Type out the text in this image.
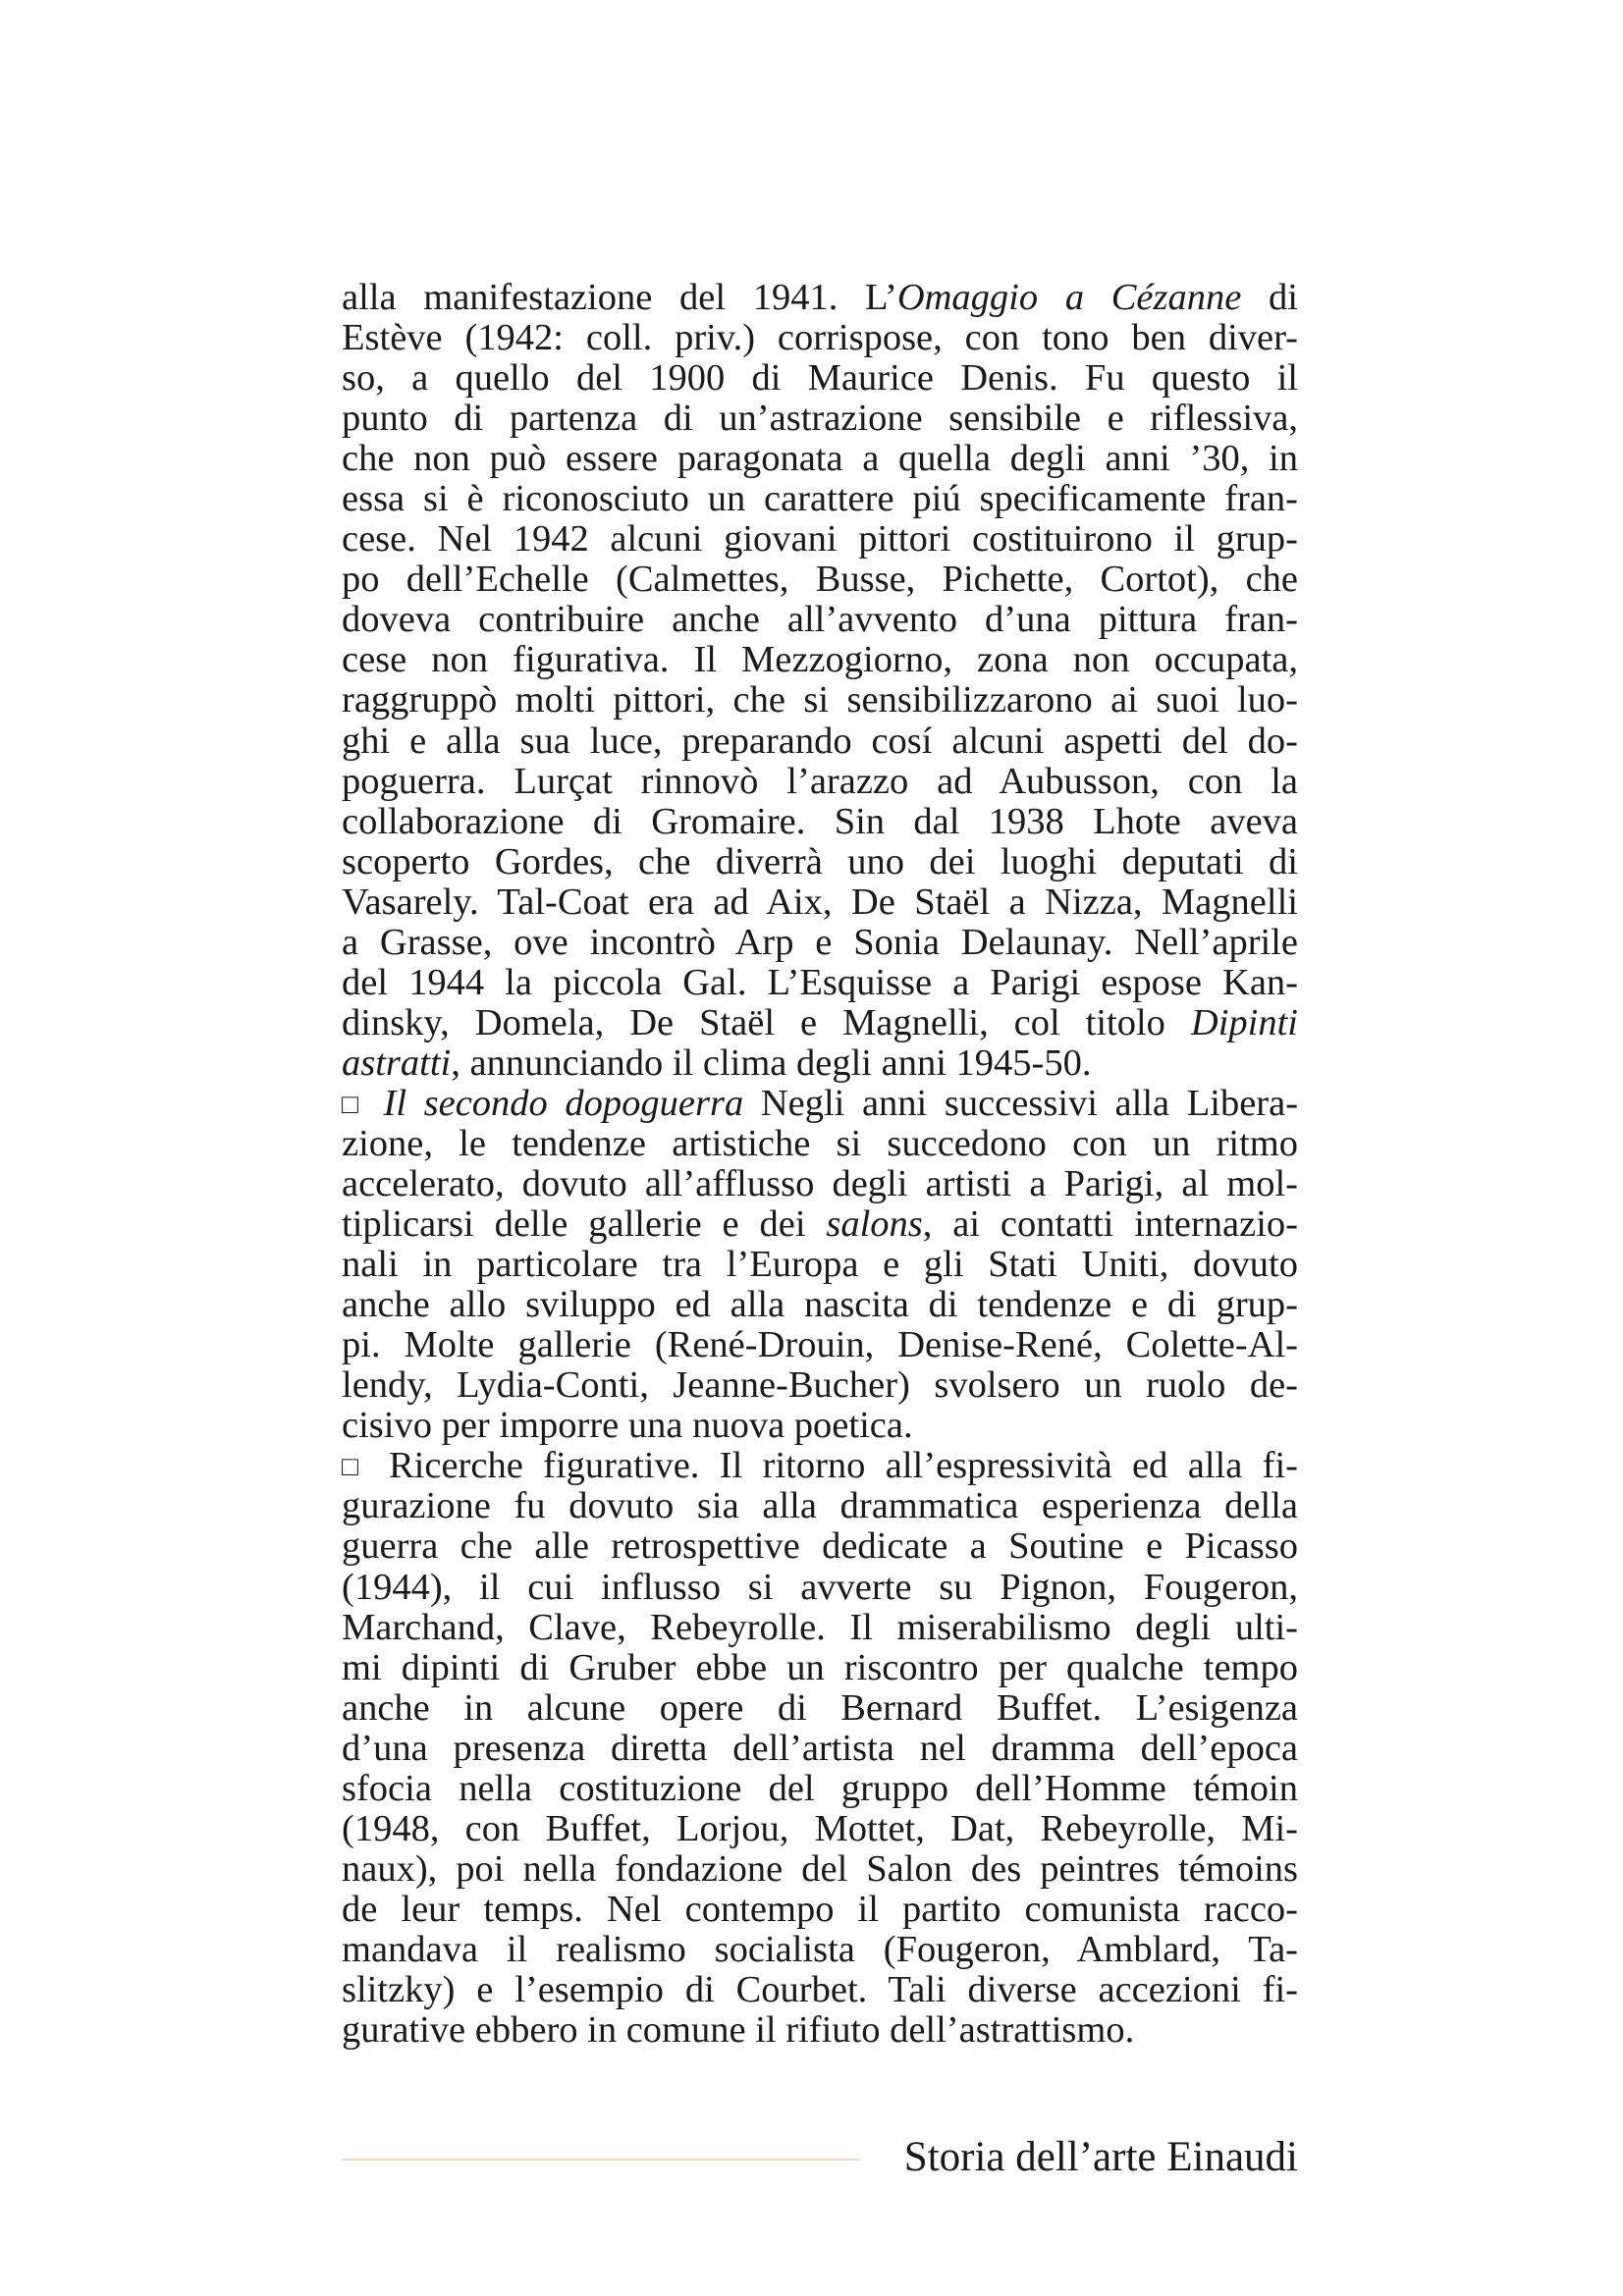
alla manifestazione del 1941. L’Omaggio a Cézanne di
Estève (1942: coll. priv.) corrispose, con tono ben diver-
so, a quello del 1900 di Maurice Denis. Fu questo il
punto di partenza di un’astrazione sensibile e riflessiva,
che non può essere paragonata a quella degli anni ’30, in
essa si è riconosciuto un carattere piú specificamente fran-
cese. Nel 1942 alcuni giovani pittori costituirono il grup-
po dell’Echelle (Calmettes, Busse, Pichette, Cortot), che
doveva contribuire anche all’avvento d’una pittura fran-
cese non figurativa. Il Mezzogiorno, zona non occupata,
raggruppò molti pittori, che si sensibilizzarono ai suoi luo-
ghi e alla sua luce, preparando cosí alcuni aspetti del do-
poguerra. Lurçat rinnovò l’arazzo ad Aubusson, con la
collaborazione di Gromaire. Sin dal 1938 Lhote aveva
scoperto Gordes, che diverrà uno dei luoghi deputati di
Vasarely. Tal-Coat era ad Aix, De Staël a Nizza, Magnelli
a Grasse, ove incontrò Arp e Sonia Delaunay. Nell’aprile
del 1944 la piccola Gal. L’Esquisse a Parigi espose Kan-
dinsky, Domela, De Staël e Magnelli, col titolo Dipinti
astratti, annunciando il clima degli anni 1945-50.
□ Il secondo dopoguerra Negli anni successivi alla Libera-
zione, le tendenze artistiche si succedono con un ritmo
accelerato, dovuto all’afflusso degli artisti a Parigi, al mol-
tiplicarsi delle gallerie e dei salons, ai contatti internazio-
nali in particolare tra l’Europa e gli Stati Uniti, dovuto
anche allo sviluppo ed alla nascita di tendenze e di grup-
pi. Molte gallerie (René-Drouin, Denise-René, Colette-Al-
lendy, Lydia-Conti, Jeanne-Bucher) svolsero un ruolo de-
cisivo per imporre una nuova poetica.
□ Ricerche figurative. Il ritorno all’espressività ed alla fi-
gurazione fu dovuto sia alla drammatica esperienza della
guerra che alle retrospettive dedicate a Soutine e Picasso
(1944), il cui influsso si avverte su Pignon, Fougeron,
Marchand, Clave, Rebeyrolle. Il miserabilismo degli ulti-
mi dipinti di Gruber ebbe un riscontro per qualche tempo
anche in alcune opere di Bernard Buffet. L’esigenza
d’una presenza diretta dell’artista nel dramma dell’epoca
sfocia nella costituzione del gruppo dell’Homme témoin
(1948, con Buffet, Lorjou, Mottet, Dat, Rebeyrolle, Mi-
naux), poi nella fondazione del Salon des peintres témoins
de leur temps. Nel contempo il partito comunista racco-
mandava il realismo socialista (Fougeron, Amblard, Ta-
slitzky) e l’esempio di Courbet. Tali diverse accezioni fi-
gurative ebbero in comune il rifiuto dell’astrattismo.
Storia dell’arte Einaudi
